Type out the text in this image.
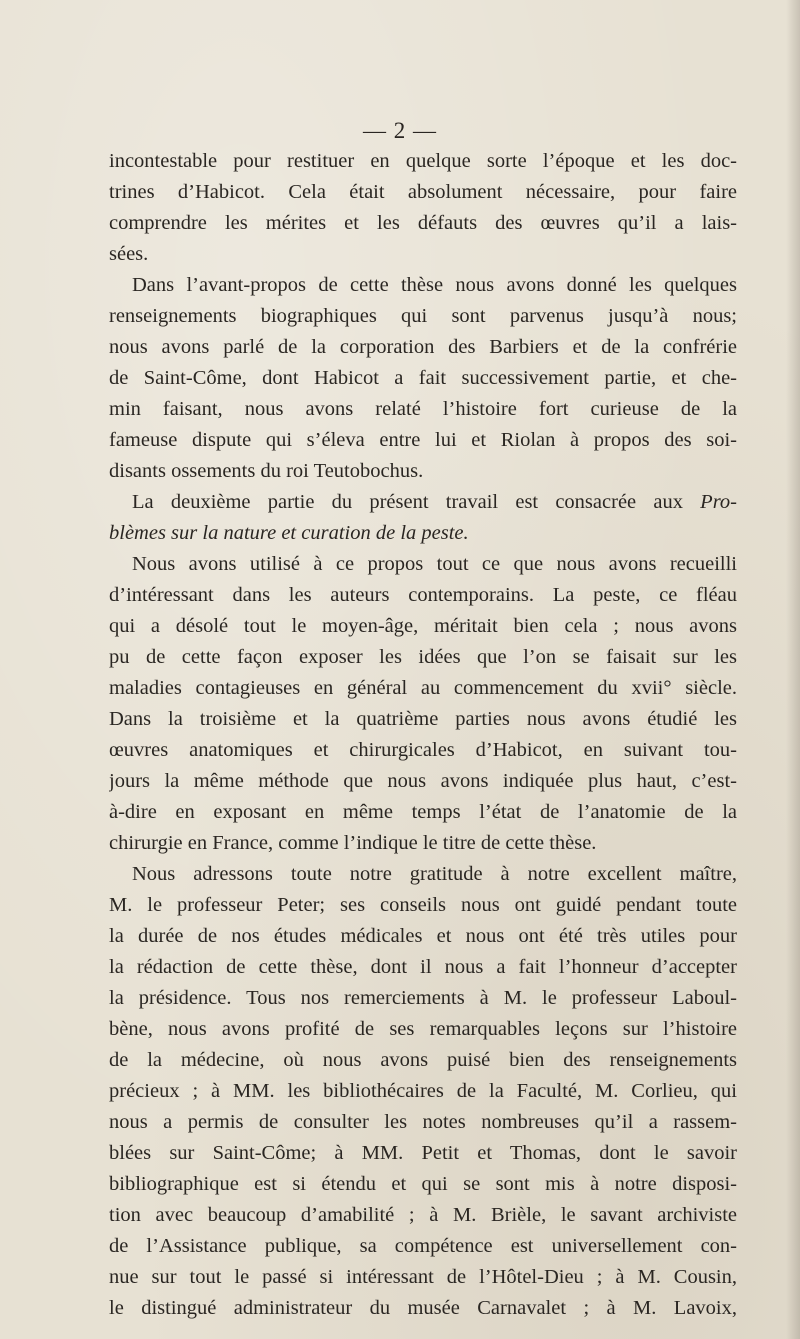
— 2 —
incontestable pour restituer en quelque sorte l’époque et les doc-
trines d’Habicot. Cela était absolument nécessaire, pour faire
comprendre les mérites et les défauts des œuvres qu’il a lais-
sées.
Dans l’avant-propos de cette thèse nous avons donné les quelques
renseignements biographiques qui sont parvenus jusqu’à nous;
nous avons parlé de la corporation des Barbiers et de la confrérie
de Saint-Côme, dont Habicot a fait successivement partie, et che-
min faisant, nous avons relaté l’histoire fort curieuse de la
fameuse dispute qui s’éleva entre lui et Riolan à propos des soi-
disants ossements du roi Teutobochus.
La deuxième partie du présent travail est consacrée aux Pro-
blèmes sur la nature et curation de la peste.
Nous avons utilisé à ce propos tout ce que nous avons recueilli
d’intéressant dans les auteurs contemporains. La peste, ce fléau
qui a désolé tout le moyen-âge, méritait bien cela ; nous avons
pu de cette façon exposer les idées que l’on se faisait sur les
maladies contagieuses en général au commencement du xvii° siècle.
Dans la troisième et la quatrième parties nous avons étudié les
œuvres anatomiques et chirurgicales d’Habicot, en suivant tou-
jours la même méthode que nous avons indiquée plus haut, c’est-
à-dire en exposant en même temps l’état de l’anatomie de la
chirurgie en France, comme l’indique le titre de cette thèse.
Nous adressons toute notre gratitude à notre excellent maître,
M. le professeur Peter; ses conseils nous ont guidé pendant toute
la durée de nos études médicales et nous ont été très utiles pour
la rédaction de cette thèse, dont il nous a fait l’honneur d’accepter
la présidence. Tous nos remerciements à M. le professeur Laboul-
bène, nous avons profité de ses remarquables leçons sur l’histoire
de la médecine, où nous avons puisé bien des renseignements
précieux ; à MM. les bibliothécaires de la Faculté, M. Corlieu, qui
nous a permis de consulter les notes nombreuses qu’il a rassem-
blées sur Saint-Côme; à MM. Petit et Thomas, dont le savoir
bibliographique est si étendu et qui se sont mis à notre disposi-
tion avec beaucoup d’amabilité ; à M. Brièle, le savant archiviste
de l’Assistance publique, sa compétence est universellement con-
nue sur tout le passé si intéressant de l’Hôtel-Dieu ; à M. Cousin,
le distingué administrateur du musée Carnavalet ; à M. Lavoix,
